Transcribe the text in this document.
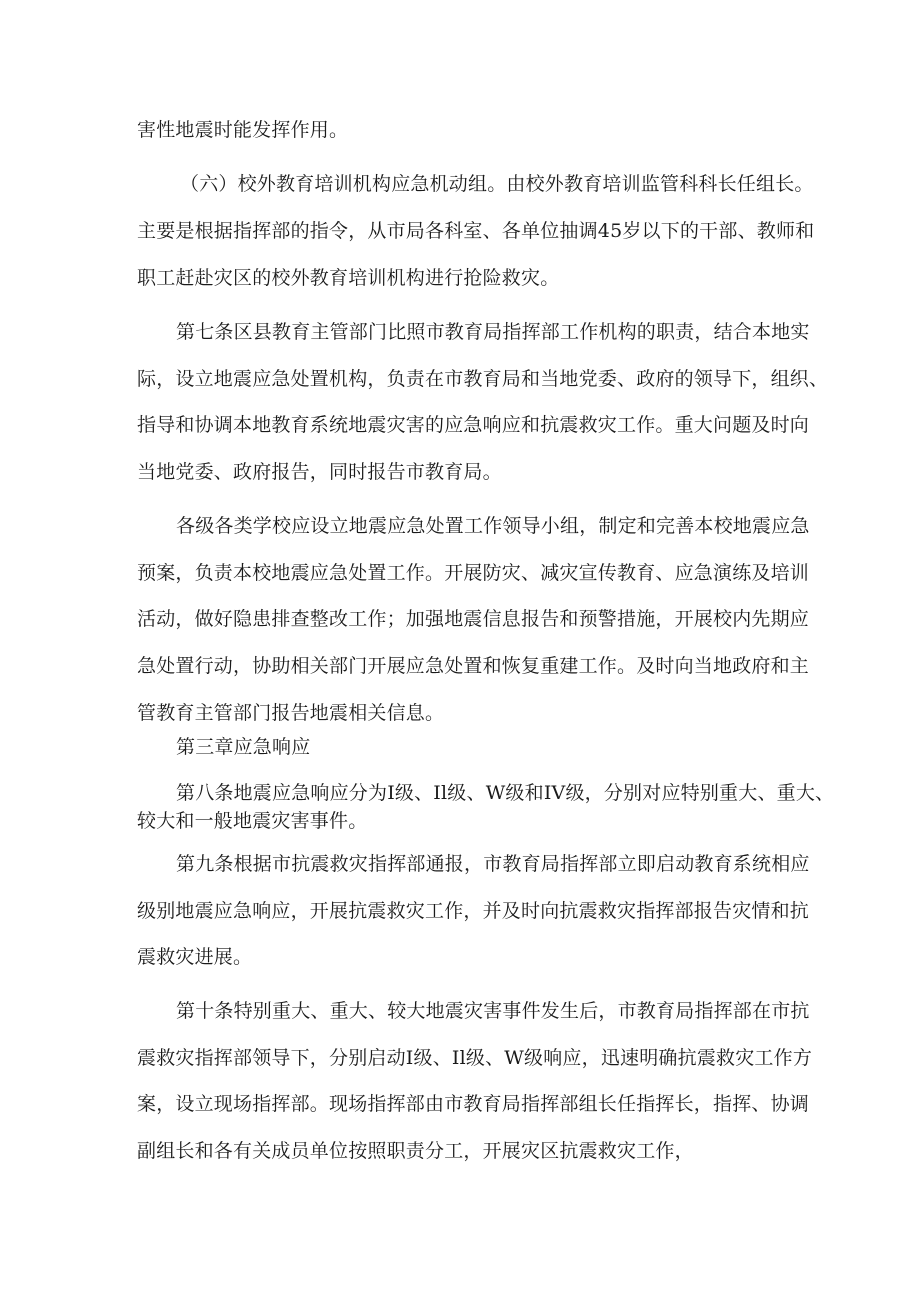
害性地震时能发挥作用。
（六）校外教育培训机构应急机动组。由校外教育培训监管科科长任组长。
主要是根据指挥部的指令，从市局各科室、各单位抽调45岁以下的干部、教师和
职工赶赴灾区的校外教育培训机构进行抢险救灾。
第七条区县教育主管部门比照市教育局指挥部工作机构的职责，结合本地实
际，设立地震应急处置机构，负责在市教育局和当地党委、政府的领导下，组织、
指导和协调本地教育系统地震灾害的应急响应和抗震救灾工作。重大问题及时向
当地党委、政府报告，同时报告市教育局。
各级各类学校应设立地震应急处置工作领导小组，制定和完善本校地震应急
预案，负责本校地震应急处置工作。开展防灾、减灾宣传教育、应急演练及培训
活动，做好隐患排查整改工作；加强地震信息报告和预警措施，开展校内先期应
急处置行动，协助相关部门开展应急处置和恢复重建工作。及时向当地政府和主
管教育主管部门报告地震相关信息。
第三章应急响应
第八条地震应急响应分为I级、Il级、W级和IV级，分别对应特别重大、重大、
较大和一般地震灾害事件。
第九条根据市抗震救灾指挥部通报，市教育局指挥部立即启动教育系统相应
级别地震应急响应，开展抗震救灾工作，并及时向抗震救灾指挥部报告灾情和抗
震救灾进展。
第十条特别重大、重大、较大地震灾害事件发生后，市教育局指挥部在市抗
震救灾指挥部领导下，分别启动I级、Il级、W级响应，迅速明确抗震救灾工作方
案，设立现场指挥部。现场指挥部由市教育局指挥部组长任指挥长，指挥、协调
副组长和各有关成员单位按照职责分工，开展灾区抗震救灾工作，
